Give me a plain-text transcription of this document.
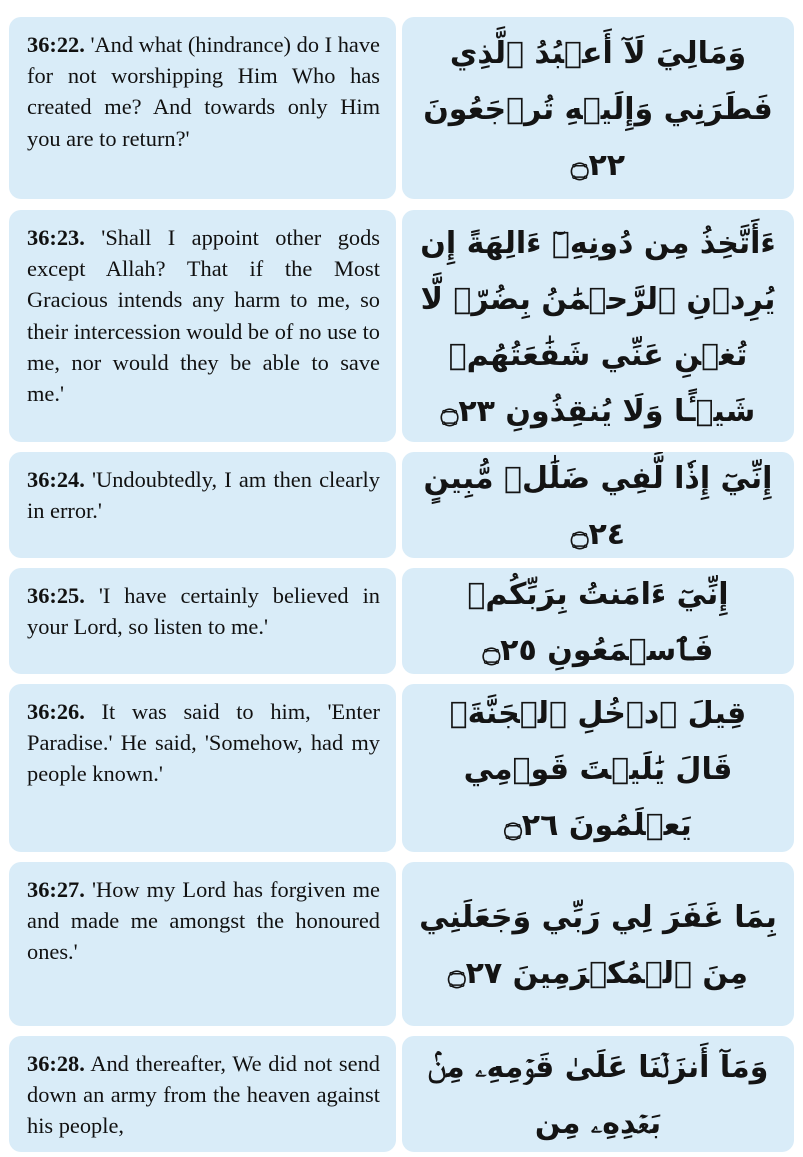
36:22. 'And what (hindrance) do I have for not worshipping Him Who has created me? And towards only Him you are to return?'

وَمَالِيَ لَآ أَعۡبُدُ ٱلَّذِي فَطَرَنِي وَإِلَيۡهِ تُرۡجَعُونَ ۝٢٢

36:23. 'Shall I appoint other gods except Allah? That if the Most Gracious intends any harm to me, so their intercession would be of no use to me, nor would they be able to save me.'

ءَأَتَّخِذُ مِن دُونِهِۦٓ ءَالِهَةً إِن يُرِدۡنِ ٱلرَّحۡمَٰنُ بِضُرّٖ لَّا تُغۡنِ عَنِّي شَفَٰعَتُهُمۡ شَيۡـًٔا وَلَا يُنقِذُونِ ۝٢٣

36:24. 'Undoubtedly, I am then clearly in error.'

إِنِّيٓ إِذٗا لَّفِي ضَلَٰلٖ مُّبِينٍ ۝٢٤

36:25. 'I have certainly believed in your Lord, so listen to me.'

إِنِّيٓ ءَامَنتُ بِرَبِّكُمۡ فَٱسۡمَعُونِ ۝٢٥

36:26. It was said to him, 'Enter Paradise.' He said, 'Somehow, had my people known.'

قِيلَ ٱدۡخُلِ ٱلۡجَنَّةَۖ قَالَ يَٰلَيۡتَ قَوۡمِي يَعۡلَمُونَ ۝٢٦

36:27. 'How my Lord has forgiven me and made me amongst the honoured ones.'

بِمَا غَفَرَ لِي رَبِّي وَجَعَلَنِي مِنَ ٱلۡمُكۡرَمِينَ ۝٢٧

36:28. And thereafter, We did not send down an army from the heaven against his people,

وَمَآ أَنزَلۡنَا عَلَىٰ قَوۡمِهِۦ مِنۢ بَعۡدِهِۦ مِن
